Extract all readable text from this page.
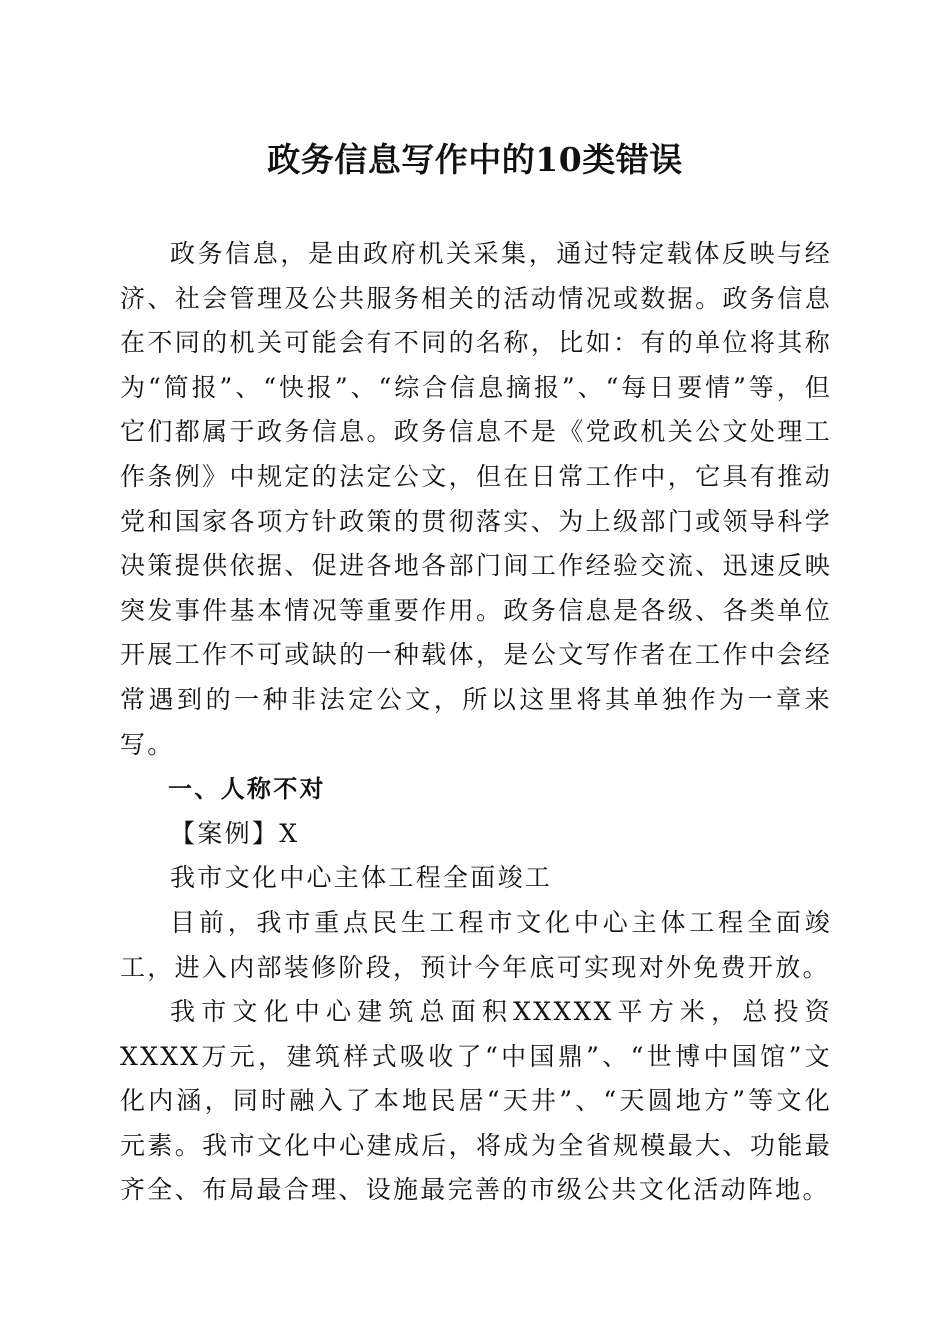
政务信息写作中的10类错误

政务信息，是由政府机关采集，通过特定载体反映与经济、社会管理及公共服务相关的活动情况或数据。政务信息在不同的机关可能会有不同的名称，比如：有的单位将其称为“简报”、“快报”、“综合信息摘报”、“每日要情”等，但它们都属于政务信息。政务信息不是《党政机关公文处理工作条例》中规定的法定公文，但在日常工作中，它具有推动党和国家各项方针政策的贯彻落实、为上级部门或领导科学决策提供依据、促进各地各部门间工作经验交流、迅速反映突发事件基本情况等重要作用。政务信息是各级、各类单位开展工作不可或缺的一种载体，是公文写作者在工作中会经常遇到的一种非法定公文，所以这里将其单独作为一章来写。

一、人称不对

【案例】X

我市文化中心主体工程全面竣工

目前，我市重点民生工程市文化中心主体工程全面竣工，进入内部装修阶段，预计今年底可实现对外免费开放。

我市文化中心建筑总面积XXXXX平方米，总投资XXXX万元，建筑样式吸收了“中国鼎”、“世博中国馆”文化内涵，同时融入了本地民居“天井”、“天圆地方”等文化元素。我市文化中心建成后，将成为全省规模最大、功能最齐全、布局最合理、设施最完善的市级公共文化活动阵地。
